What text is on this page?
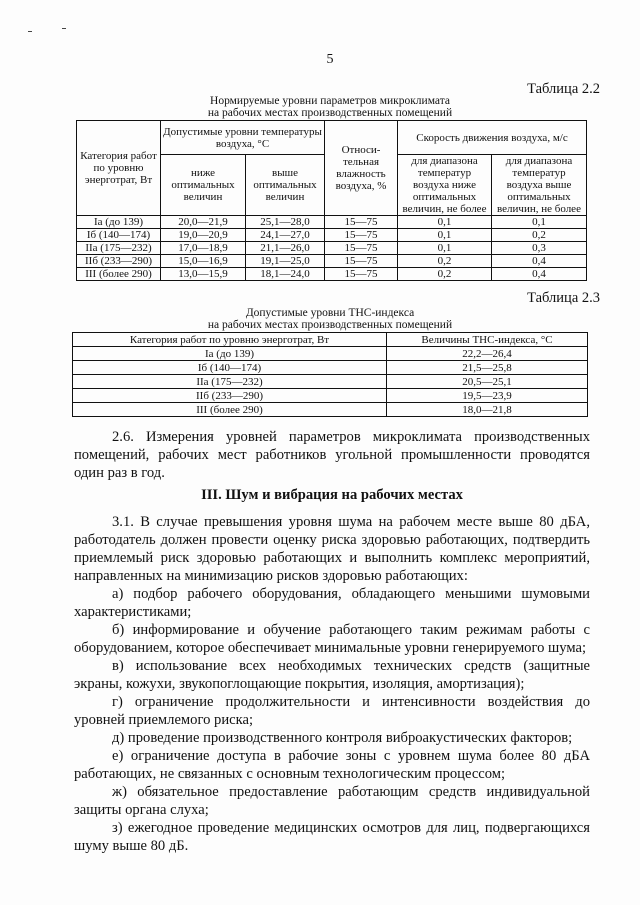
5
Таблица 2.2
Нормируемые уровни параметров микроклимата
на рабочих местах производственных помещений
Категория работ по уровню энерготрат, Вт	Допустимые уровни температуры воздуха, °С		Относи-тельная влажность воздуха, %	Скорость движения воздуха, м/с	
	ниже оптимальных величин	выше оптимальных величин		для диапазона температур воздуха ниже оптимальных величин, не более	для диапазона температур воздуха выше оптимальных величин, не более
Ia (до 139)	20,0—21,9	25,1—28,0	15—75	0,1	0,1
Iб (140—174)	19,0—20,9	24,1—27,0	15—75	0,1	0,2
IIa (175—232)	17,0—18,9	21,1—26,0	15—75	0,1	0,3
IIб (233—290)	15,0—16,9	19,1—25,0	15—75	0,2	0,4
III (более 290)	13,0—15,9	18,1—24,0	15—75	0,2	0,4
Таблица 2.3
Допустимые уровни ТНС-индекса
на рабочих местах производственных помещений
Категория работ по уровню энерготрат, Вт	Величины ТНС-индекса, °С
Ia (до 139)	22,2—26,4
Iб (140—174)	21,5—25,8
IIa (175—232)	20,5—25,1
IIб (233—290)	19,5—23,9
III (более 290)	18,0—21,8

2.6. Измерения уровней параметров микроклимата производственных помещений, рабочих мест работников угольной промышленности проводятся один раз в год.

III. Шум и вибрация на рабочих местах

3.1. В случае превышения уровня шума на рабочем месте выше 80 дБА, работодатель должен провести оценку риска здоровью работающих, подтвердить приемлемый риск здоровью работающих и выполнить комплекс мероприятий, направленных на минимизацию рисков здоровью работающих:

а) подбор рабочего оборудования, обладающего меньшими шумовыми характеристиками;

б) информирование и обучение работающего таким режимам работы с оборудованием, которое обеспечивает минимальные уровни генерируемого шума;

в) использование всех необходимых технических средств (защитные экраны, кожухи, звукопоглощающие покрытия, изоляция, амортизация);

г) ограничение продолжительности и интенсивности воздействия до уровней приемлемого риска;

д) проведение производственного контроля виброакустических факторов;

е) ограничение доступа в рабочие зоны с уровнем шума более 80 дБА работающих, не связанных с основным технологическим процессом;

ж) обязательное предоставление работающим средств индивидуальной защиты органа слуха;

з) ежегодное проведение медицинских осмотров для лиц, подвергающихся шуму выше 80 дБ.
